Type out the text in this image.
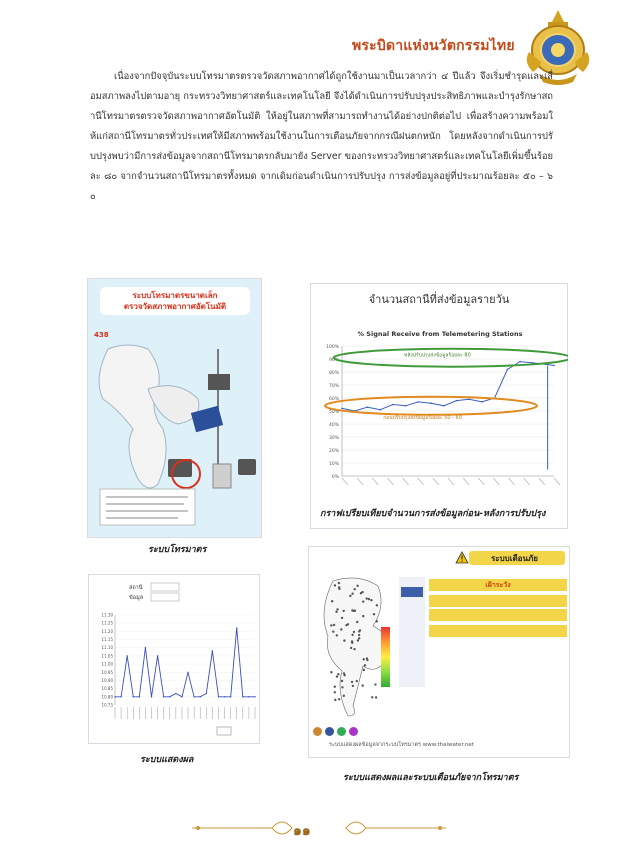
พระบิดาแห่งนวัตกรรมไทย
เนื่องจากปัจจุบันระบบโทรมาตรตรวจวัดสภาพอากาศได้ถูกใช้งานมาเป็นเวลากว่า ๔ ปีแล้ว จึงเริ่มชำรุดและเสื่อมสภาพลงไปตามอายุ กระทรวงวิทยาศาสตร์และเทคโนโลยี จึงได้ดำเนินการปรับปรุงประสิทธิภาพและบำรุงรักษาสถานีโทรมาตรตรวจวัดสภาพอากาศอัตโนมัติ ให้อยู่ในสภาพที่สามารถทำงานได้อย่างปกติต่อไป เพื่อสร้างความพร้อมให้แก่สถานีโทรมาตรทั่วประเทศให้มีสภาพพร้อมใช้งานในการเตือนภัยจากกรณีฝนตกหนัก โดยหลังจากดำเนินการปรับปรุงพบว่ามีการส่งข้อมูลจากสถานีโทรมาตรกลับมายัง Server ของกระทรวงวิทยาศาสตร์และเทคโนโลยีเพิ่มขึ้นร้อยละ ๘๐ จากจำนวนสถานีโทรมาตรทั้งหมด จากเดิมก่อนดำเนินการปรับปรุง การส่งข้อมูลอยู่ที่ประมาณร้อยละ ๕๐ – ๖๐
ระบบโทรมาตรขนาดเล็ก
ตรวจวัดสภาพอากาศอัตโนมัติ
438
ระบบโทรมาตร
จำนวนสถานีที่ส่งข้อมูลรายวัน
% Signal Receive from Telemetering Stations
100%
90%
80%
70%
60%
50%
40%
30%
20%
10%
0%
หลังปรับปรุงส่งข้อมูลร้อยละ 80
ก่อนปรับปรุงส่งข้อมูลร้อยละ 50 - 60
กราฟเปรียบเทียบจำนวนการส่งข้อมูลก่อน-หลังการปรับปรุง
สถานี
ข้อมูล
11.30
11.25
11.20
11.15
11.10
11.05
11.00
10.95
10.90
10.85
10.80
10.75
ระบบแสดงผล
ระบบเตือนภัย
เฝ้าระวัง
ระบบแสดงผลข้อมูลจากระบบโทรมาตร www.thaiwater.net
ระบบแสดงผลและระบบเตือนภัยจากโทรมาตร
๑๑
